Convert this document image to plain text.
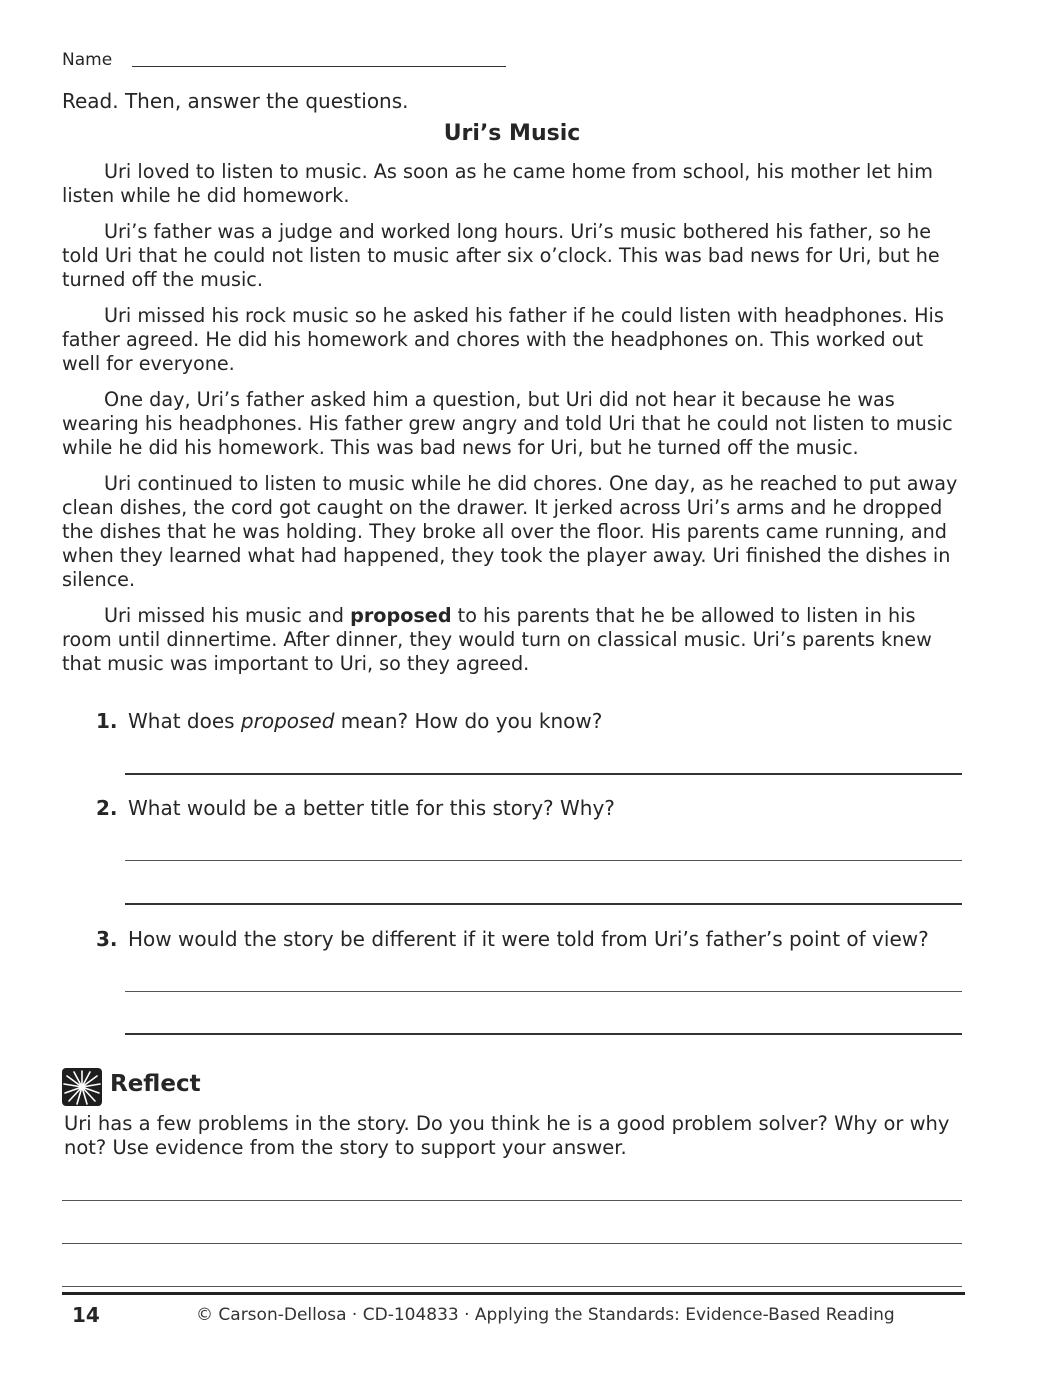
Name
Read. Then, answer the questions.
Uri’s Music

Uri loved to listen to music. As soon as he came home from school, his mother let him listen while he did homework.

Uri’s father was a judge and worked long hours. Uri’s music bothered his father, so he told Uri that he could not listen to music after six o’clock. This was bad news for Uri, but he turned off the music.

Uri missed his rock music so he asked his father if he could listen with headphones. His father agreed. He did his homework and chores with the headphones on. This worked out well for everyone.

One day, Uri’s father asked him a question, but Uri did not hear it because he was wearing his headphones. His father grew angry and told Uri that he could not listen to music while he did his homework. This was bad news for Uri, but he turned off the music.

Uri continued to listen to music while he did chores. One day, as he reached to put away clean dishes, the cord got caught on the drawer. It jerked across Uri’s arms and he dropped the dishes that he was holding. They broke all over the floor. His parents came running, and when they learned what had happened, they took the player away. Uri finished the dishes in silence.

Uri missed his music and proposed to his parents that he be allowed to listen in his room until dinnertime. After dinner, they would turn on classical music. Uri’s parents knew that music was important to Uri, so they agreed.

1. What does proposed mean? How do you know?
2. What would be a better title for this story? Why?
3. How would the story be different if it were told from Uri’s father’s point of view?
Reflect
Uri has a few problems in the story. Do you think he is a good problem solver? Why or why not? Use evidence from the story to support your answer.
14	© Carson-Dellosa · CD-104833 · Applying the Standards: Evidence-Based Reading
